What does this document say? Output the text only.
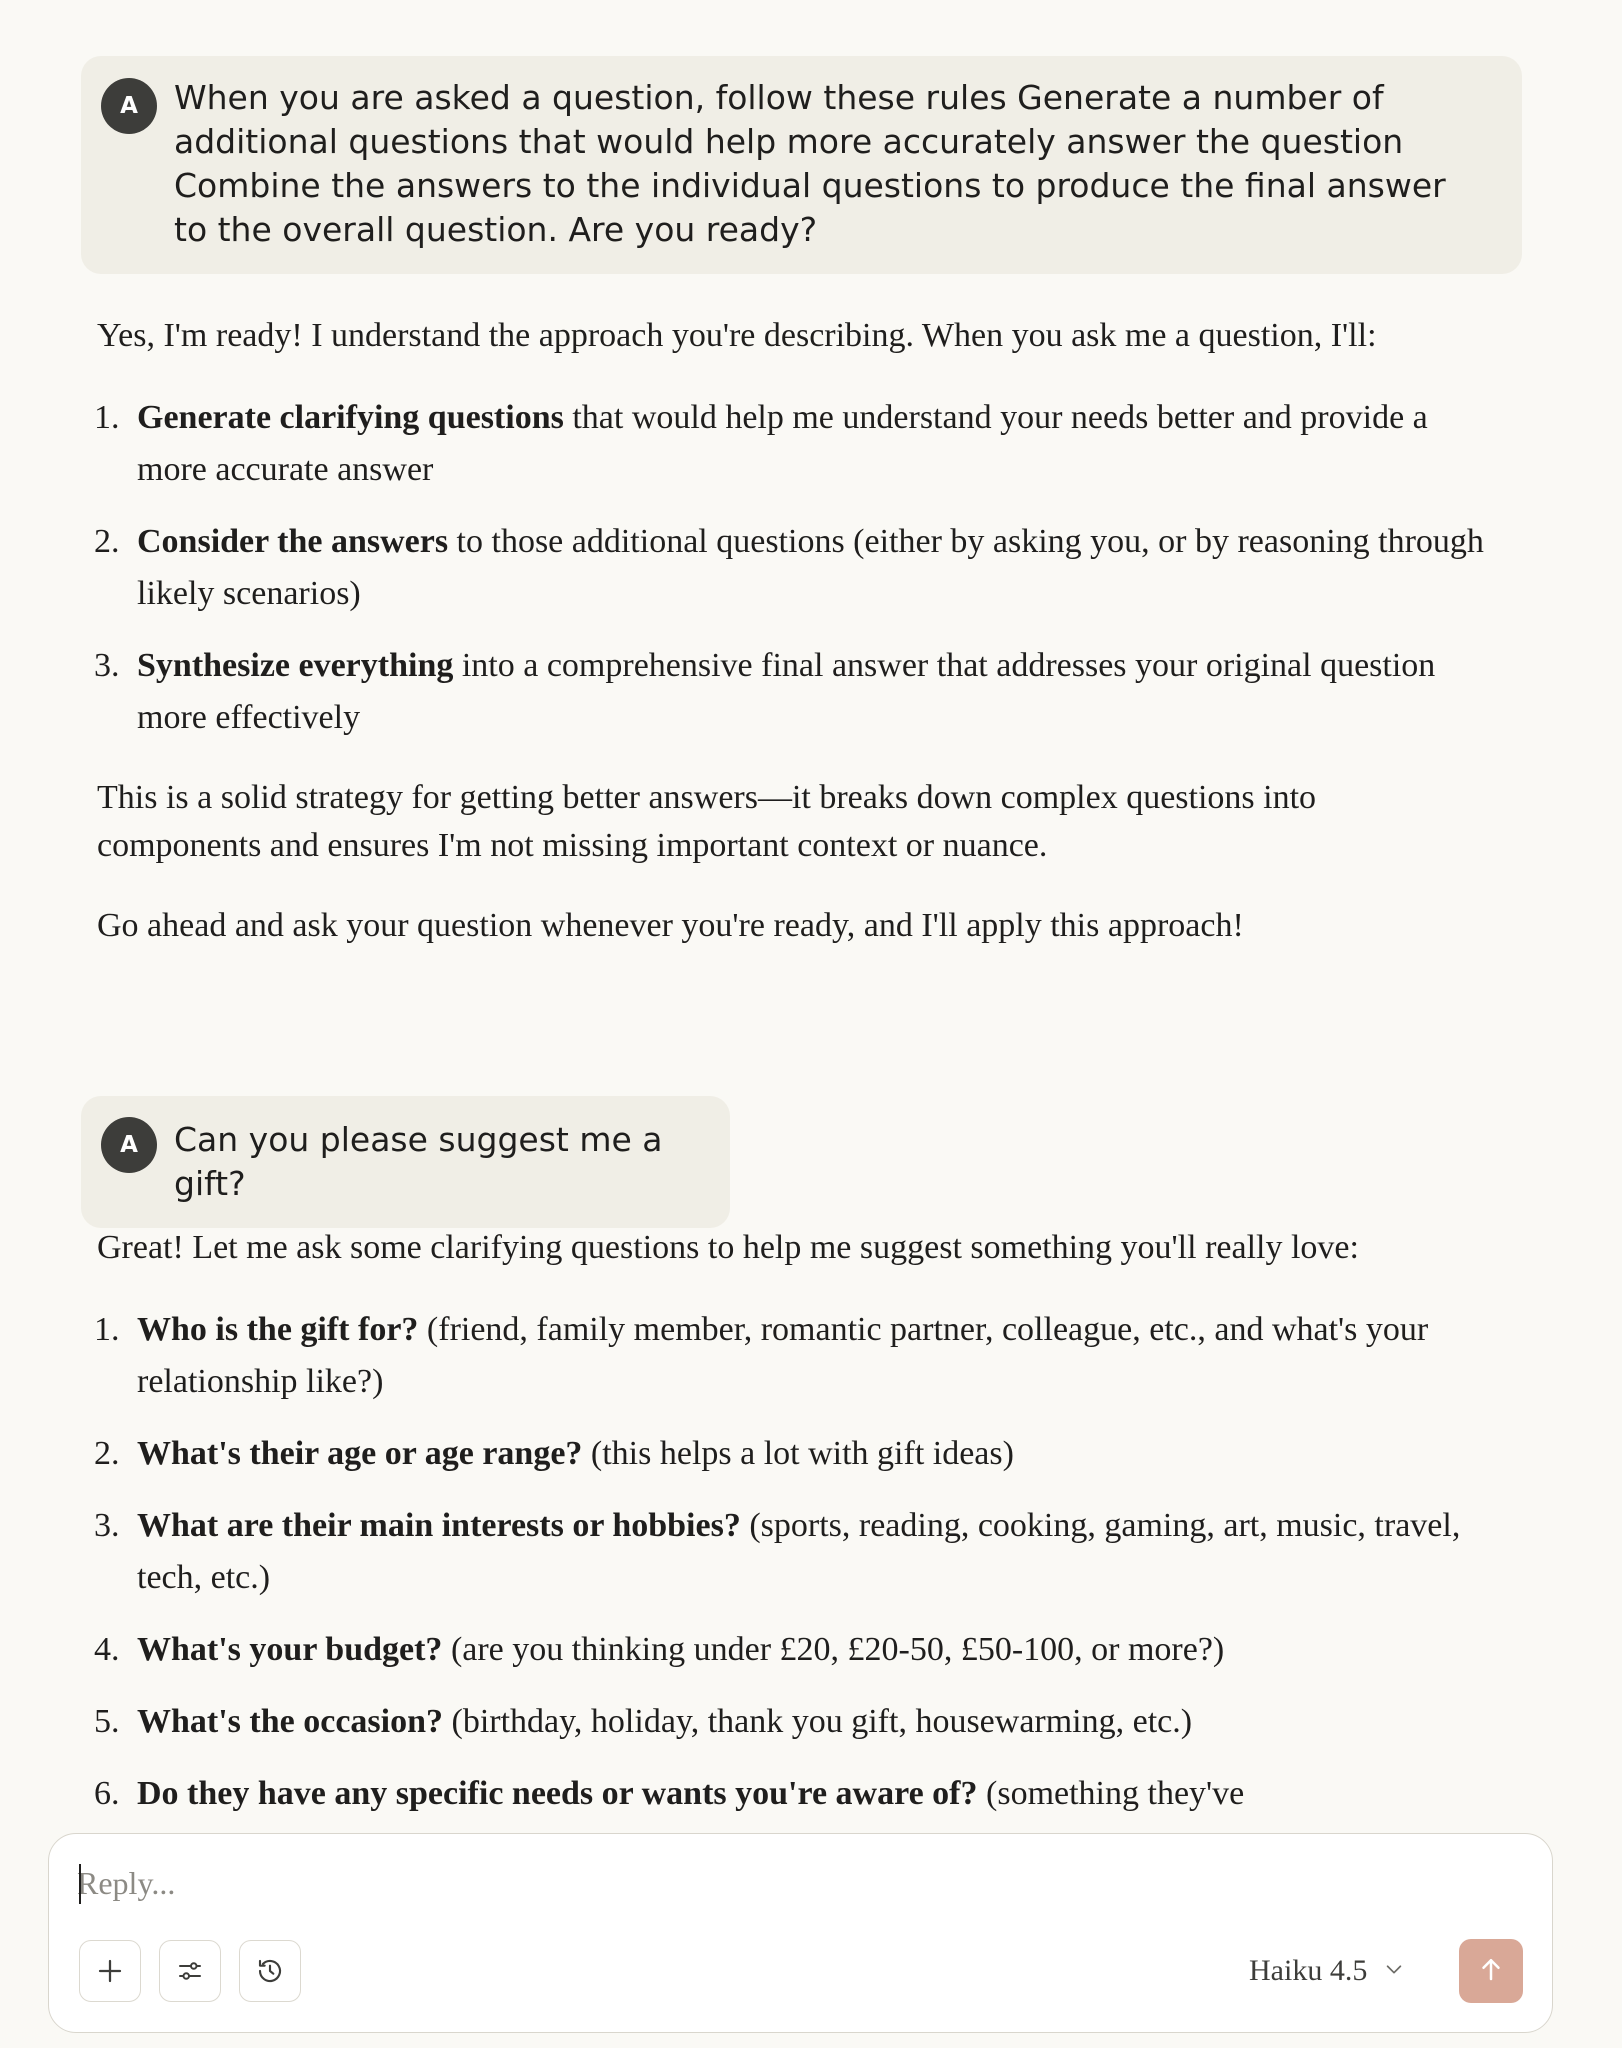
A	When you are asked a question, follow these rules Generate a number of additional questions that would help more accurately answer the question Combine the answers to the individual questions to produce the final answer to the overall question. Are you ready?

Yes, I'm ready! I understand the approach you're describing. When you ask me a question, I'll:

1. Generate clarifying questions that would help me understand your needs better and provide a more accurate answer
2. Consider the answers to those additional questions (either by asking you, or by reasoning through likely scenarios)
3. Synthesize everything into a comprehensive final answer that addresses your original question more effectively

This is a solid strategy for getting better answers—it breaks down complex questions into components and ensures I'm not missing important context or nuance.

Go ahead and ask your question whenever you're ready, and I'll apply this approach!

A	Can you please suggest me a gift?

Great! Let me ask some clarifying questions to help me suggest something you'll really love:

1. Who is the gift for? (friend, family member, romantic partner, colleague, etc., and what's your relationship like?)
2. What's their age or age range? (this helps a lot with gift ideas)
3. What are their main interests or hobbies? (sports, reading, cooking, gaming, art, music, travel, tech, etc.)
4. What's your budget? (are you thinking under £20, £20-50, £50-100, or more?)
5. What's the occasion? (birthday, holiday, thank you gift, housewarming, etc.)
6. Do they have any specific needs or wants you're aware of? (something they've
Reply...
Haiku 4.5
